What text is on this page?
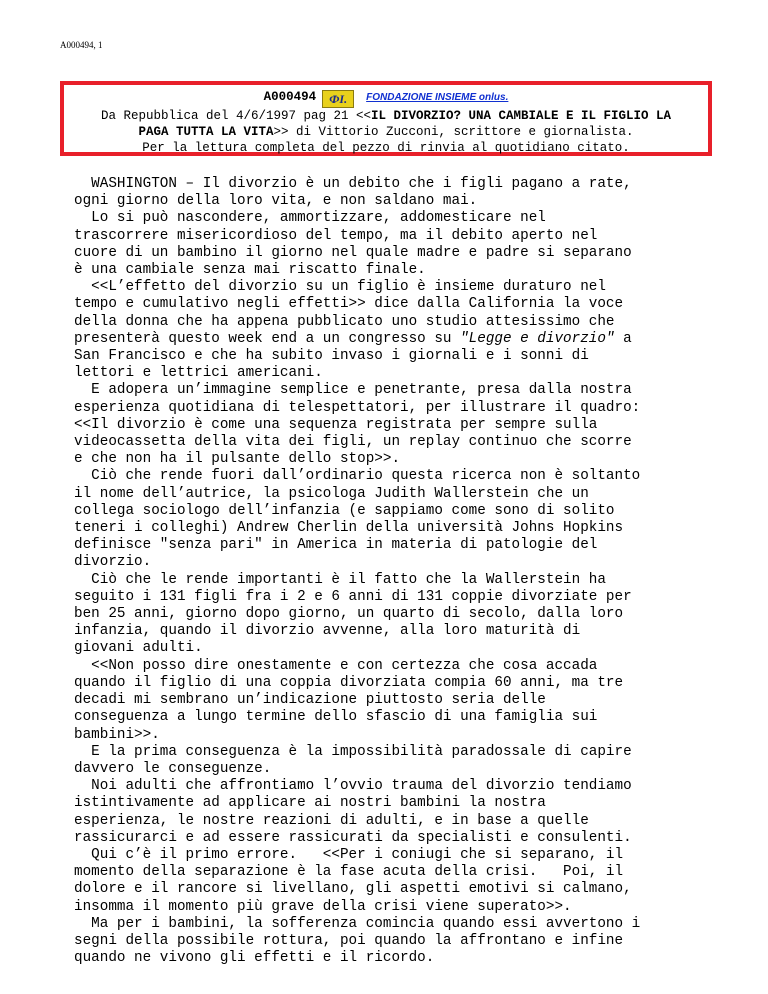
A000494, 1
A000494 ФI. FONDAZIONE INSIEME onlus.
Da Repubblica del 4/6/1997 pag 21 <<IL DIVORZIO? UNA CAMBIALE E IL FIGLIO LA
PAGA TUTTA LA VITA>> di Vittorio Zucconi, scrittore e giornalista.
Per la lettura completa del pezzo di rinvia al quotidiano citato.

WASHINGTON – Il divorzio è un debito che i figli pagano a rate,
ogni giorno della loro vita, e non saldano mai.

Lo si può nascondere, ammortizzare, addomesticare nel
trascorrere misericordioso del tempo, ma il debito aperto nel
cuore di un bambino il giorno nel quale madre e padre si separano
è una cambiale senza mai riscatto finale.

<<L’effetto del divorzio su un figlio è insieme duraturo nel
tempo e cumulativo negli effetti>> dice dalla California la voce
della donna che ha appena pubblicato uno studio attesissimo che
presenterà questo week end a un congresso su "Legge e divorzio" a
San Francisco e che ha subito invaso i giornali e i sonni di
lettori e lettrici americani.

E adopera un’immagine semplice e penetrante, presa dalla nostra
esperienza quotidiana di telespettatori, per illustrare il quadro:
<<Il divorzio è come una sequenza registrata per sempre sulla
videocassetta della vita dei figli, un replay continuo che scorre
e che non ha il pulsante dello stop>>.

Ciò che rende fuori dall’ordinario questa ricerca non è soltanto
il nome dell’autrice, la psicologa Judith Wallerstein che un
collega sociologo dell’infanzia (e sappiamo come sono di solito
teneri i colleghi) Andrew Cherlin della università Johns Hopkins
definisce "senza pari" in America in materia di patologie del
divorzio.

Ciò che le rende importanti è il fatto che la Wallerstein ha
seguito i 131 figli fra i 2 e 6 anni di 131 coppie divorziate per
ben 25 anni, giorno dopo giorno, un quarto di secolo, dalla loro
infanzia, quando il divorzio avvenne, alla loro maturità di
giovani adulti.

<<Non posso dire onestamente e con certezza che cosa accada
quando il figlio di una coppia divorziata compia 60 anni, ma tre
decadi mi sembrano un’indicazione piuttosto seria delle
conseguenza a lungo termine dello sfascio di una famiglia sui
bambini>>.

E la prima conseguenza è la impossibilità paradossale di capire
davvero le conseguenze.

Noi adulti che affrontiamo l’ovvio trauma del divorzio tendiamo
istintivamente ad applicare ai nostri bambini la nostra
esperienza, le nostre reazioni di adulti, e in base a quelle
rassicurarci e ad essere rassicurati da specialisti e consulenti.

Qui c’è il primo errore.   <<Per i coniugi che si separano, il
momento della separazione è la fase acuta della crisi.   Poi, il
dolore e il rancore si livellano, gli aspetti emotivi si calmano,
insomma il momento più grave della crisi viene superato>>.

Ma per i bambini, la sofferenza comincia quando essi avvertono i
segni della possibile rottura, poi quando la affrontano e infine
quando ne vivono gli effetti e il ricordo.
